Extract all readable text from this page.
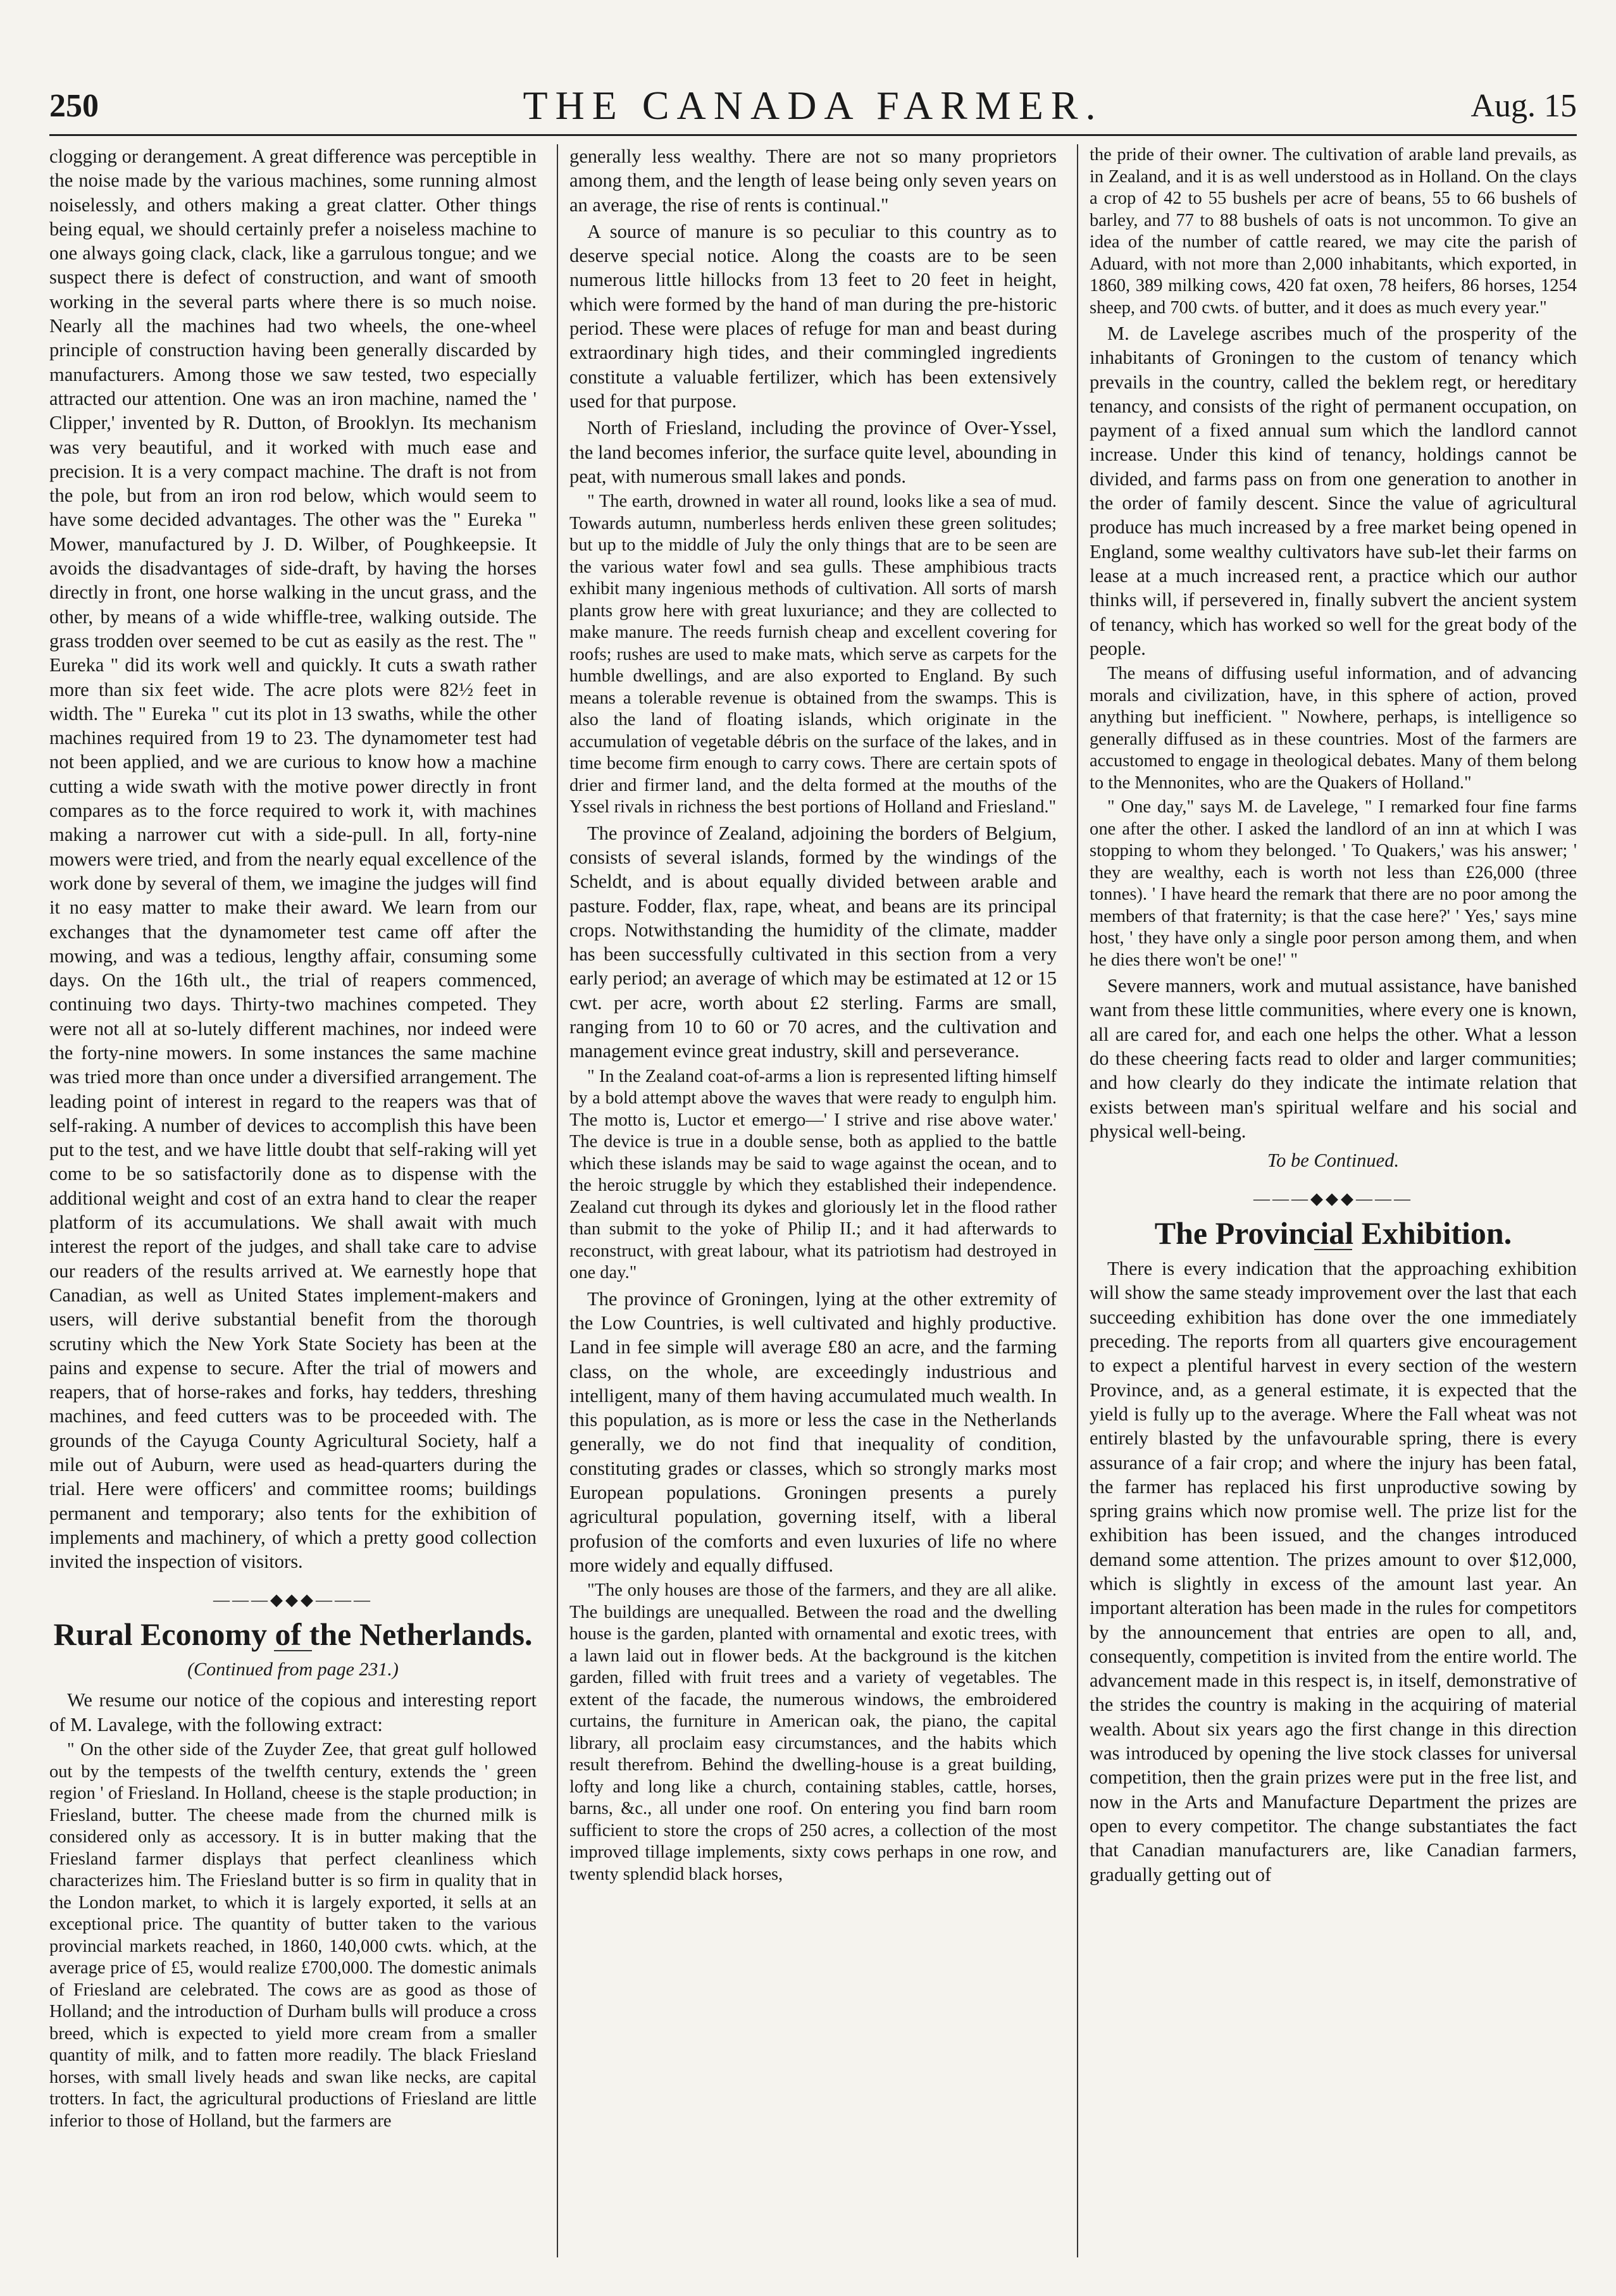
250	THE CANADA FARMER.	Aug. 15

clogging or derangement. A great difference was perceptible in the noise made by the various machines, some running almost noiselessly, and others making a great clatter. Other things being equal, we should certainly prefer a noiseless machine to one always going clack, clack, like a garrulous tongue; and we suspect there is defect of construction, and want of smooth working in the several parts where there is so much noise. Nearly all the machines had two wheels, the one-wheel principle of construction having been generally discarded by manufacturers. Among those we saw tested, two especially attracted our attention. One was an iron machine, named the ' Clipper,' invented by R. Dutton, of Brooklyn. Its mechanism was very beautiful, and it worked with much ease and precision. It is a very compact machine. The draft is not from the pole, but from an iron rod below, which would seem to have some decided advantages. The other was the " Eureka " Mower, manufactured by J. D. Wilber, of Poughkeepsie. It avoids the disadvantages of side-draft, by having the horses directly in front, one horse walking in the uncut grass, and the other, by means of a wide whiffle-tree, walking outside. The grass trodden over seemed to be cut as easily as the rest. The " Eureka " did its work well and quickly. It cuts a swath rather more than six feet wide. The acre plots were 82½ feet in width. The " Eureka " cut its plot in 13 swaths, while the other machines required from 19 to 23. The dynamometer test had not been applied, and we are curious to know how a machine cutting a wide swath with the motive power directly in front compares as to the force required to work it, with machines making a narrower cut with a side-pull. In all, forty-nine mowers were tried, and from the nearly equal excellence of the work done by several of them, we imagine the judges will find it no easy matter to make their award. We learn from our exchanges that the dynamometer test came off after the mowing, and was a tedious, lengthy affair, consuming some days. On the 16th ult., the trial of reapers commenced, continuing two days. Thirty-two machines competed. They were not all at so-lutely different machines, nor indeed were the forty-nine mowers. In some instances the same machine was tried more than once under a diversified arrangement. The leading point of interest in regard to the reapers was that of self-raking. A number of devices to accomplish this have been put to the test, and we have little doubt that self-raking will yet come to be so satisfactorily done as to dispense with the additional weight and cost of an extra hand to clear the reaper platform of its accumulations. We shall await with much interest the report of the judges, and shall take care to advise our readers of the results arrived at. We earnestly hope that Canadian, as well as United States implement-makers and users, will derive substantial benefit from the thorough scrutiny which the New York State Society has been at the pains and expense to secure. After the trial of mowers and reapers, that of horse-rakes and forks, hay tedders, threshing machines, and feed cutters was to be proceeded with. The grounds of the Cayuga County Agricultural Society, half a mile out of Auburn, were used as head-quarters during the trial. Here were officers' and committee rooms; buildings permanent and temporary; also tents for the exhibition of implements and machinery, of which a pretty good collection invited the inspection of visitors.

———◆◆◆———
Rural Economy of the Netherlands.
(Continued from page 231.)

We resume our notice of the copious and interesting report of M. Lavalege, with the following extract:

" On the other side of the Zuyder Zee, that great gulf hollowed out by the tempests of the twelfth century, extends the ' green region ' of Friesland. In Holland, cheese is the staple production; in Friesland, butter. The cheese made from the churned milk is considered only as accessory. It is in butter making that the Friesland farmer displays that perfect cleanliness which characterizes him. The Friesland butter is so firm in quality that in the London market, to which it is largely exported, it sells at an exceptional price. The quantity of butter taken to the various provincial markets reached, in 1860, 140,000 cwts. which, at the average price of £5, would realize £700,000. The domestic animals of Friesland are celebrated. The cows are as good as those of Holland; and the introduction of Durham bulls will produce a cross breed, which is expected to yield more cream from a smaller quantity of milk, and to fatten more readily. The black Friesland horses, with small lively heads and swan like necks, are capital trotters. In fact, the agricultural productions of Friesland are little inferior to those of Holland, but the farmers are

generally less wealthy. There are not so many proprietors among them, and the length of lease being only seven years on an average, the rise of rents is continual."

A source of manure is so peculiar to this country as to deserve special notice. Along the coasts are to be seen numerous little hillocks from 13 feet to 20 feet in height, which were formed by the hand of man during the pre-historic period. These were places of refuge for man and beast during extraordinary high tides, and their commingled ingredients constitute a valuable fertilizer, which has been extensively used for that purpose.

North of Friesland, including the province of Over-Yssel, the land becomes inferior, the surface quite level, abounding in peat, with numerous small lakes and ponds.

" The earth, drowned in water all round, looks like a sea of mud. Towards autumn, numberless herds enliven these green solitudes; but up to the middle of July the only things that are to be seen are the various water fowl and sea gulls. These amphibious tracts exhibit many ingenious methods of cultivation. All sorts of marsh plants grow here with great luxuriance; and they are collected to make manure. The reeds furnish cheap and excellent covering for roofs; rushes are used to make mats, which serve as carpets for the humble dwellings, and are also exported to England. By such means a tolerable revenue is obtained from the swamps. This is also the land of floating islands, which originate in the accumulation of vegetable débris on the surface of the lakes, and in time become firm enough to carry cows. There are certain spots of drier and firmer land, and the delta formed at the mouths of the Yssel rivals in richness the best portions of Holland and Friesland."

The province of Zealand, adjoining the borders of Belgium, consists of several islands, formed by the windings of the Scheldt, and is about equally divided between arable and pasture. Fodder, flax, rape, wheat, and beans are its principal crops. Notwithstanding the humidity of the climate, madder has been successfully cultivated in this section from a very early period; an average of which may be estimated at 12 or 15 cwt. per acre, worth about £2 sterling. Farms are small, ranging from 10 to 60 or 70 acres, and the cultivation and management evince great industry, skill and perseverance.

" In the Zealand coat-of-arms a lion is represented lifting himself by a bold attempt above the waves that were ready to engulph him. The motto is, Luctor et emergo—' I strive and rise above water.' The device is true in a double sense, both as applied to the battle which these islands may be said to wage against the ocean, and to the heroic struggle by which they established their independence. Zealand cut through its dykes and gloriously let in the flood rather than submit to the yoke of Philip II.; and it had afterwards to reconstruct, with great labour, what its patriotism had destroyed in one day."

The province of Groningen, lying at the other extremity of the Low Countries, is well cultivated and highly productive. Land in fee simple will average £80 an acre, and the farming class, on the whole, are exceedingly industrious and intelligent, many of them having accumulated much wealth. In this population, as is more or less the case in the Netherlands generally, we do not find that inequality of condition, constituting grades or classes, which so strongly marks most European populations. Groningen presents a purely agricultural population, governing itself, with a liberal profusion of the comforts and even luxuries of life no where more widely and equally diffused.

"The only houses are those of the farmers, and they are all alike. The buildings are unequalled. Between the road and the dwelling house is the garden, planted with ornamental and exotic trees, with a lawn laid out in flower beds. At the background is the kitchen garden, filled with fruit trees and a variety of vegetables. The extent of the facade, the numerous windows, the embroidered curtains, the furniture in American oak, the piano, the capital library, all proclaim easy circumstances, and the habits which result therefrom. Behind the dwelling-house is a great building, lofty and long like a church, containing stables, cattle, horses, barns, &c., all under one roof. On entering you find barn room sufficient to store the crops of 250 acres, a collection of the most improved tillage implements, sixty cows perhaps in one row, and twenty splendid black horses,

the pride of their owner. The cultivation of arable land prevails, as in Zealand, and it is as well understood as in Holland. On the clays a crop of 42 to 55 bushels per acre of beans, 55 to 66 bushels of barley, and 77 to 88 bushels of oats is not uncommon. To give an idea of the number of cattle reared, we may cite the parish of Aduard, with not more than 2,000 inhabitants, which exported, in 1860, 389 milking cows, 420 fat oxen, 78 heifers, 86 horses, 1254 sheep, and 700 cwts. of butter, and it does as much every year."

M. de Lavelege ascribes much of the prosperity of the inhabitants of Groningen to the custom of tenancy which prevails in the country, called the beklem regt, or hereditary tenancy, and consists of the right of permanent occupation, on payment of a fixed annual sum which the landlord cannot increase. Under this kind of tenancy, holdings cannot be divided, and farms pass on from one generation to another in the order of family descent. Since the value of agricultural produce has much increased by a free market being opened in England, some wealthy cultivators have sub-let their farms on lease at a much increased rent, a practice which our author thinks will, if persevered in, finally subvert the ancient system of tenancy, which has worked so well for the great body of the people.

The means of diffusing useful information, and of advancing morals and civilization, have, in this sphere of action, proved anything but inefficient. " Nowhere, perhaps, is intelligence so generally diffused as in these countries. Most of the farmers are accustomed to engage in theological debates. Many of them belong to the Mennonites, who are the Quakers of Holland."

" One day," says M. de Lavelege, " I remarked four fine farms one after the other. I asked the landlord of an inn at which I was stopping to whom they belonged. ' To Quakers,' was his answer; ' they are wealthy, each is worth not less than £26,000 (three tonnes). ' I have heard the remark that there are no poor among the members of that fraternity; is that the case here?' ' Yes,' says mine host, ' they have only a single poor person among them, and when he dies there won't be one!' "

Severe manners, work and mutual assistance, have banished want from these little communities, where every one is known, all are cared for, and each one helps the other. What a lesson do these cheering facts read to older and larger communities; and how clearly do they indicate the intimate relation that exists between man's spiritual welfare and his social and physical well-being.

To be Continued.
———◆◆◆———
The Provincial Exhibition.

There is every indication that the approaching exhibition will show the same steady improvement over the last that each succeeding exhibition has done over the one immediately preceding. The reports from all quarters give encouragement to expect a plentiful harvest in every section of the western Province, and, as a general estimate, it is expected that the yield is fully up to the average. Where the Fall wheat was not entirely blasted by the unfavourable spring, there is every assurance of a fair crop; and where the injury has been fatal, the farmer has replaced his first unproductive sowing by spring grains which now promise well. The prize list for the exhibition has been issued, and the changes introduced demand some attention. The prizes amount to over $12,000, which is slightly in excess of the amount last year. An important alteration has been made in the rules for competitors by the announcement that entries are open to all, and, consequently, competition is invited from the entire world. The advancement made in this respect is, in itself, demonstrative of the strides the country is making in the acquiring of material wealth. About six years ago the first change in this direction was introduced by opening the live stock classes for universal competition, then the grain prizes were put in the free list, and now in the Arts and Manufacture Department the prizes are open to every competitor. The change substantiates the fact that Canadian manufacturers are, like Canadian farmers, gradually getting out of
